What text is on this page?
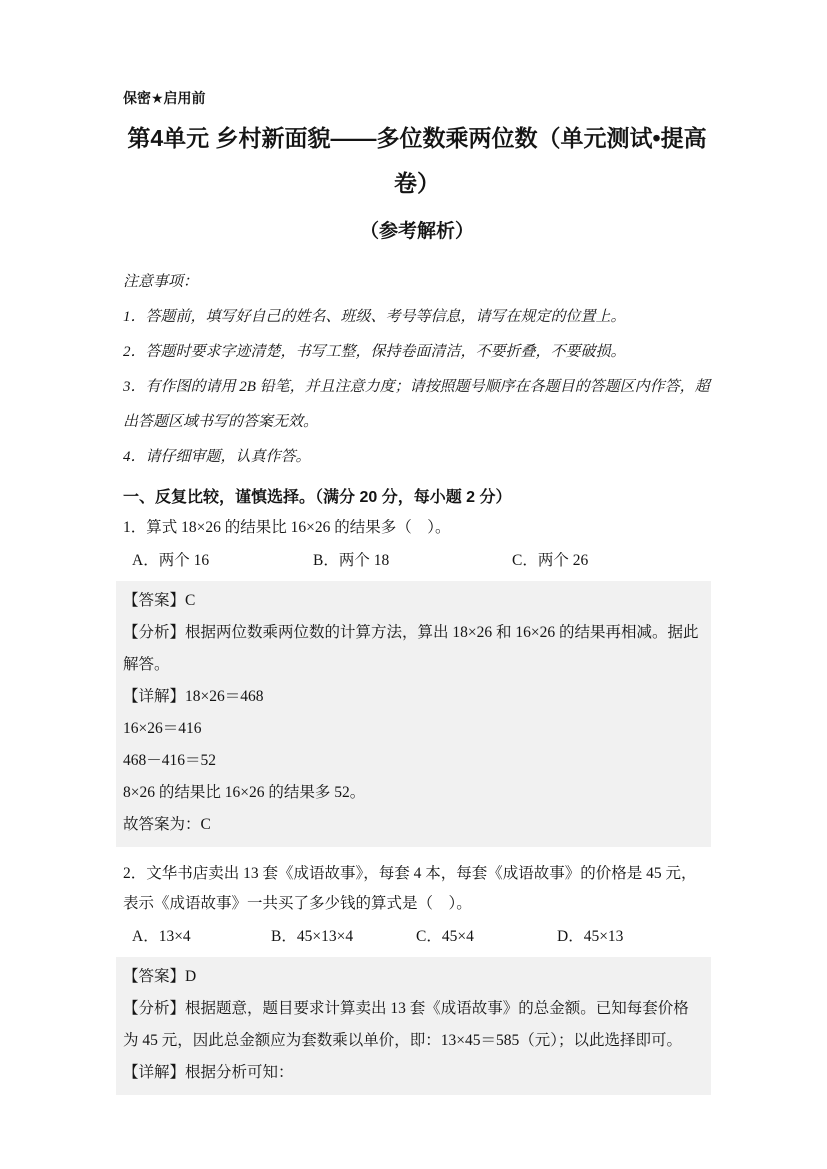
保密★启用前

第4单元 乡村新面貌——多位数乘两位数（单元测试•提高卷）
（参考解析）

注意事项：

1．答题前，填写好自己的姓名、班级、考号等信息，请写在规定的位置上。

2．答题时要求字迹清楚，书写工整，保持卷面清洁，不要折叠，不要破损。

3．有作图的请用 2B 铅笔，并且注意力度；请按照题号顺序在各题目的答题区内作答，超出答题区域书写的答案无效。

4．请仔细审题，认真作答。

一、反复比较，谨慎选择。（满分 20 分，每小题 2 分）

1．算式 18×26 的结果比 16×26 的结果多（　）。

A．两个 16	B．两个 18	C．两个 26

【答案】C

【分析】根据两位数乘两位数的计算方法，算出 18×26 和 16×26 的结果再相减。据此解答。

【详解】18×26＝468

16×26＝416

468－416＝52

8×26 的结果比 16×26 的结果多 52。

故答案为：C

2．文华书店卖出 13 套《成语故事》，每套 4 本，每套《成语故事》的价格是 45 元，表示《成语故事》一共买了多少钱的算式是（　）。

A．13×4	B．45×13×4	C．45×4	D．45×13

【答案】D

【分析】根据题意，题目要求计算卖出 13 套《成语故事》的总金额。已知每套价格为 45 元，因此总金额应为套数乘以单价，即：13×45＝585（元）；以此选择即可。

【详解】根据分析可知：
